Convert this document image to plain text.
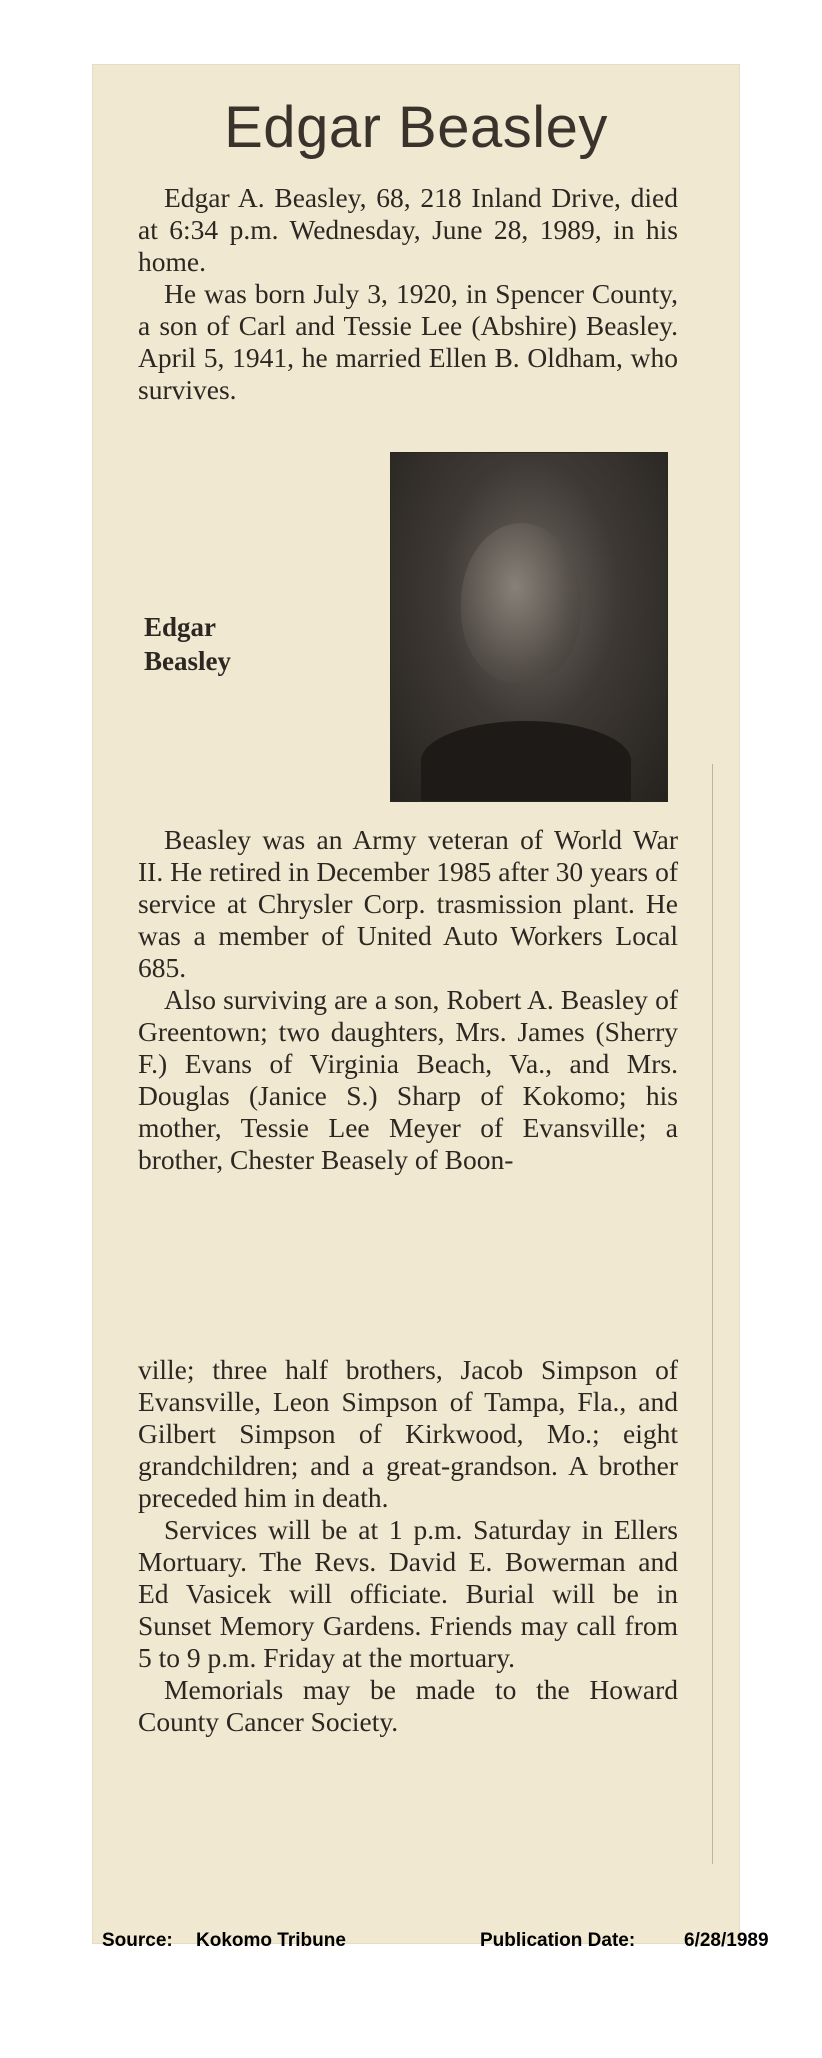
Edgar Beasley

Edgar A. Beasley, 68, 218 Inland Drive, died at 6:34 p.m. Wednesday, June 28, 1989, in his home.

He was born July 3, 1920, in Spencer County, a son of Carl and Tessie Lee (Abshire) Beasley. April 5, 1941, he married Ellen B. Oldham, who survives.

Edgar
Beasley

Beasley was an Army veteran of World War II. He retired in December 1985 after 30 years of service at Chrysler Corp. trasmission plant. He was a member of United Auto Workers Local 685.

Also surviving are a son, Robert A. Beasley of Greentown; two daughters, Mrs. James (Sherry F.) Evans of Virginia Beach, Va., and Mrs. Douglas (Janice S.) Sharp of Kokomo; his mother, Tessie Lee Meyer of Evansville; a brother, Chester Beasely of Boon-

ville; three half brothers, Jacob Simpson of Evansville, Leon Simpson of Tampa, Fla., and Gilbert Simpson of Kirkwood, Mo.; eight grandchildren; and a great-grandson. A brother preceded him in death.

Services will be at 1 p.m. Saturday in Ellers Mortuary. The Revs. David E. Bowerman and Ed Vasicek will officiate. Burial will be in Sunset Memory Gardens. Friends may call from 5 to 9 p.m. Friday at the mortuary.

Memorials may be made to the Howard County Cancer Society.

Source: Kokomo Tribune	Publication Date:	6/28/1989
